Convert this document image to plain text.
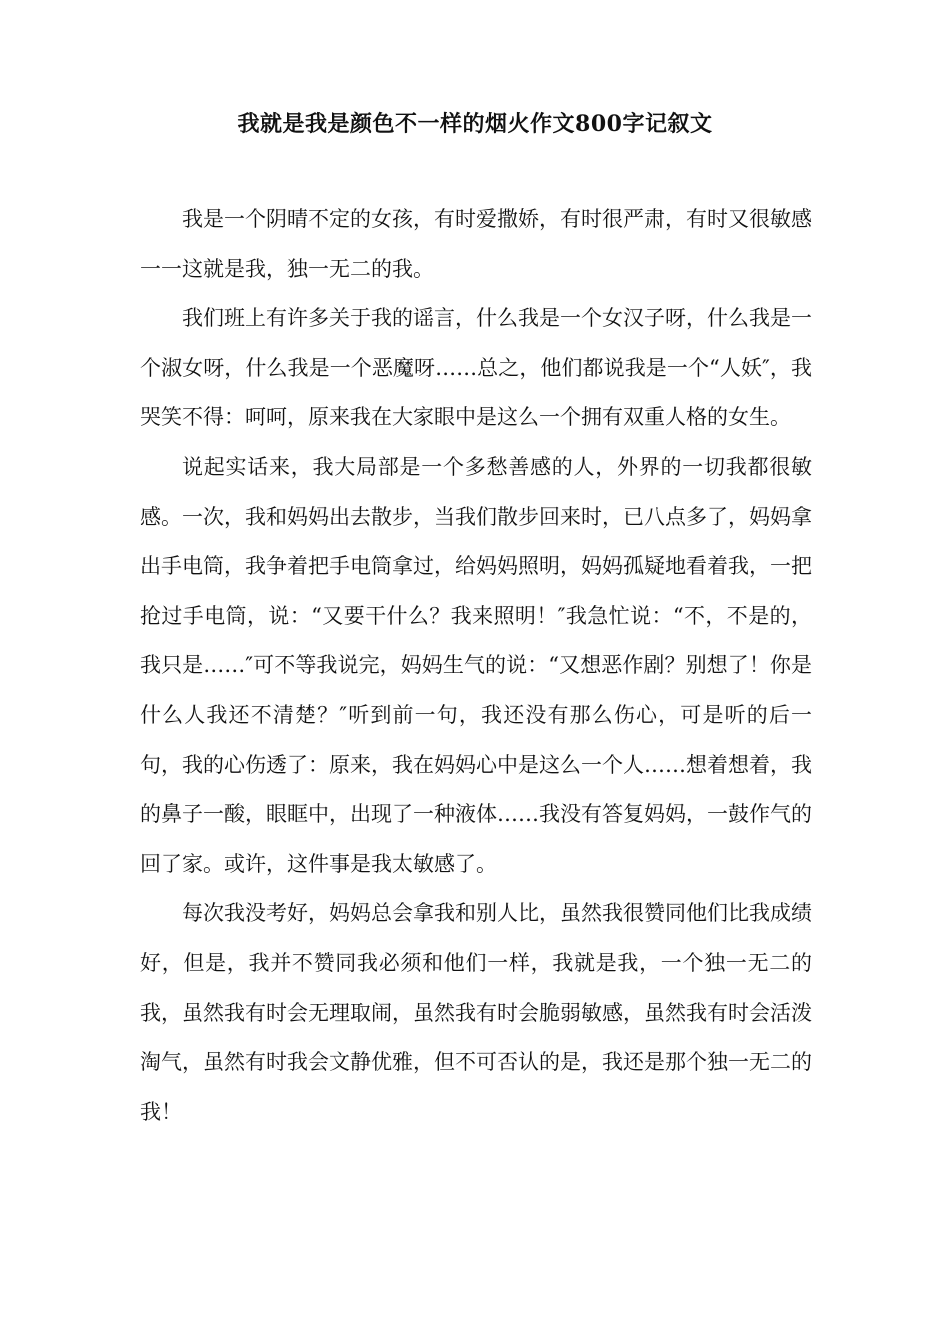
我就是我是颜色不一样的烟火作文800字记叙文

我是一个阴晴不定的女孩，有时爱撒娇，有时很严肃，有时又很敏感一一这就是我，独一无二的我。

我们班上有许多关于我的谣言，什么我是一个女汉子呀，什么我是一个淑女呀，什么我是一个恶魔呀……总之，他们都说我是一个“人妖″，我哭笑不得：呵呵，原来我在大家眼中是这么一个拥有双重人格的女生。

说起实话来，我大局部是一个多愁善感的人，外界的一切我都很敏感。一次，我和妈妈出去散步，当我们散步回来时，已八点多了，妈妈拿出手电筒，我争着把手电筒拿过，给妈妈照明，妈妈孤疑地看着我，一把抢过手电筒，说：“又要干什么？我来照明！″我急忙说：“不，不是的，我只是……″可不等我说完，妈妈生气的说：“又想恶作剧？别想了！你是什么人我还不清楚？″听到前一句，我还没有那么伤心，可是听的后一句，我的心伤透了：原来，我在妈妈心中是这么一个人……想着想着，我的鼻子一酸，眼眶中，出现了一种液体……我没有答复妈妈，一鼓作气的回了家。或许，这件事是我太敏感了。

每次我没考好，妈妈总会拿我和别人比，虽然我很赞同他们比我成绩好，但是，我并不赞同我必须和他们一样，我就是我，一个独一无二的我，虽然我有时会无理取闹，虽然我有时会脆弱敏感，虽然我有时会活泼淘气，虽然有时我会文静优雅，但不可否认的是，我还是那个独一无二的我！
